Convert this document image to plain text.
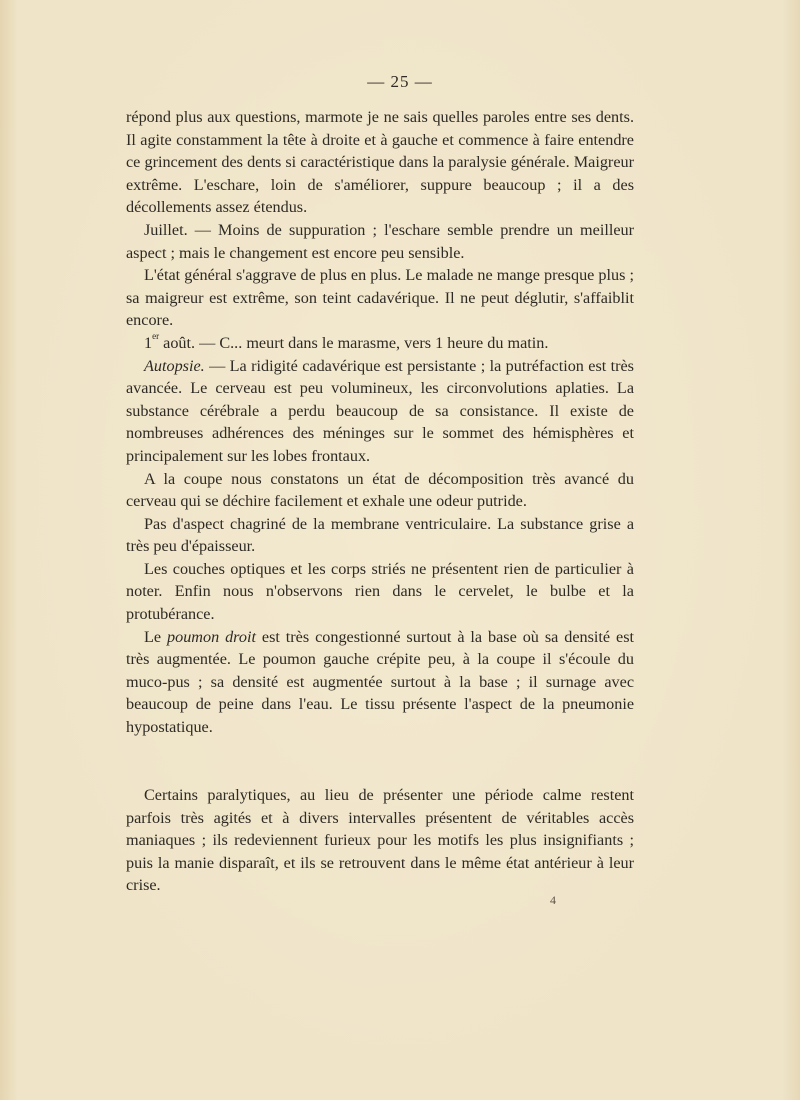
— 25 —

répond plus aux questions, marmote je ne sais quelles paroles entre ses dents. Il agite constamment la tête à droite et à gauche et commence à faire entendre ce grincement des dents si caractéristique dans la paralysie générale. Maigreur extrême. L'eschare, loin de s'améliorer, suppure beaucoup ; il a des décollements assez étendus.

Juillet. — Moins de suppuration ; l'eschare semble prendre un meilleur aspect ; mais le changement est encore peu sensible.

L'état général s'aggrave de plus en plus. Le malade ne mange presque plus ; sa maigreur est extrême, son teint cadavérique. Il ne peut déglutir, s'affaiblit encore.

1er août. — C... meurt dans le marasme, vers 1 heure du matin.

Autopsie. — La ridigité cadavérique est persistante ; la putréfaction est très avancée. Le cerveau est peu volumineux, les circonvolutions aplaties. La substance cérébrale a perdu beaucoup de sa consistance. Il existe de nombreuses adhérences des méninges sur le sommet des hémisphères et principalement sur les lobes frontaux.

A la coupe nous constatons un état de décomposition très avancé du cerveau qui se déchire facilement et exhale une odeur putride.

Pas d'aspect chagriné de la membrane ventriculaire. La substance grise a très peu d'épaisseur.

Les couches optiques et les corps striés ne présentent rien de particulier à noter. Enfin nous n'observons rien dans le cervelet, le bulbe et la protubérance.

Le poumon droit est très congestionné surtout à la base où sa densité est très augmentée. Le poumon gauche crépite peu, à la coupe il s'écoule du muco-pus ; sa densité est augmentée surtout à la base ; il surnage avec beaucoup de peine dans l'eau. Le tissu présente l'aspect de la pneumonie hypostatique.

Certains paralytiques, au lieu de présenter une période calme restent parfois très agités et à divers intervalles présentent de véritables accès maniaques ; ils redeviennent furieux pour les motifs les plus insignifiants ; puis la manie disparaît, et ils se retrouvent dans le même état antérieur à leur crise.

4
